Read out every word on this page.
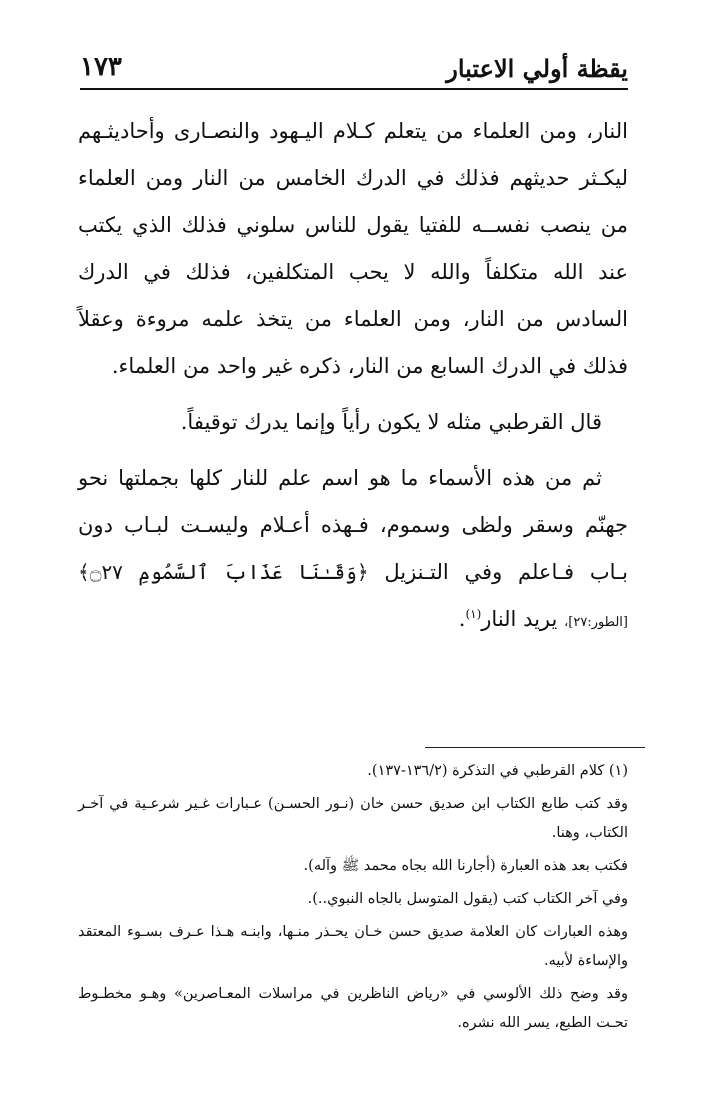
يقظة أولي الاعتبار
١٧٣

النار، ومن العلماء من يتعلم كـلام اليـهود والنصـارى وأحاديثـهم ليكـثر حديثهم فذلك في الدرك الخامس من النار ومن العلماء من ينصب نفســه للفتيا يقول للناس سلوني فذلك الذي يكتب عند الله متكلفاً والله لا يحب المتكلفين، فذلك في الدرك السادس من النار، ومن العلماء من يتخذ علمه مروءة وعقلاً فذلك في الدرك السابع من النار، ذكره غير واحد من العلماء.

قال القرطبي مثله لا يكون رأياً وإنما يدرك توقيفاً.

ثم من هذه الأسماء ما هو اسم علم للنار كلها بجملتها نحو جهنّم وسقر ولظى وسموم، فـهذه أعـلام وليسـت لبـاب دون بـاب فـاعلم وفي التـنزيل ﴿وَقَـٰنَا عَذَابَ ٱلسَّمُومِ ۝٢٧﴾ [الطور:٢٧]، يريد النار$^{(١)}$.

(١) كلام القرطبي في التذكرة (١٣٦/٢-١٣٧).

وقد كتب طابع الكتاب ابن صديق حسن خان (نـور الحسـن) عـبارات غـير شرعـية في آخـر الكتاب، وهنا.

فكتب بعد هذه العبارة (أجارنا الله بجاه محمد ﷺ وآله).

وفي آخر الكتاب كتب (يقول المتوسل بالجاه النبوي..).

وهذه العبارات كان العلامة صديق حسن خـان يحـذر منـها، وابنـه هـذا عـرف بسـوء المعتقد والإساءة لأبيه.

وقد وضح ذلك الألوسي في «رياض الناظرين في مراسلات المعـاصرين» وهـو مخطـوط تحـت الطبع، يسر الله نشره.
